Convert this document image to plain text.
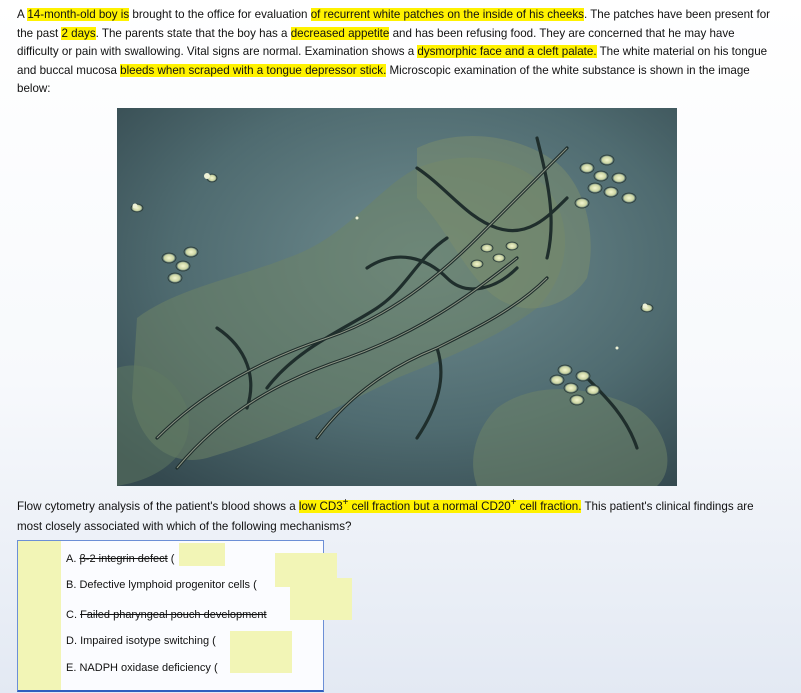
A 14-month-old boy is brought to the office for evaluation of recurrent white patches on the inside of his cheeks. The patches have been present for the past 2 days. The parents state that the boy has a decreased appetite and has been refusing food. They are concerned that he may have difficulty or pain with swallowing. Vital signs are normal. Examination shows a dysmorphic face and a cleft palate. The white material on his tongue and buccal mucosa bleeds when scraped with a tongue depressor stick. Microscopic examination of the white substance is shown in the image below:

Flow cytometry analysis of the patient's blood shows a low CD3+ cell fraction but a normal CD20+ cell fraction. This patient's clinical findings are most closely associated with which of the following mechanisms?

A. β-2 integrin defect (
B. Defective lymphoid progenitor cells (
C. Failed pharyngeal pouch development
D. Impaired isotype switching (
E. NADPH oxidase deficiency (
